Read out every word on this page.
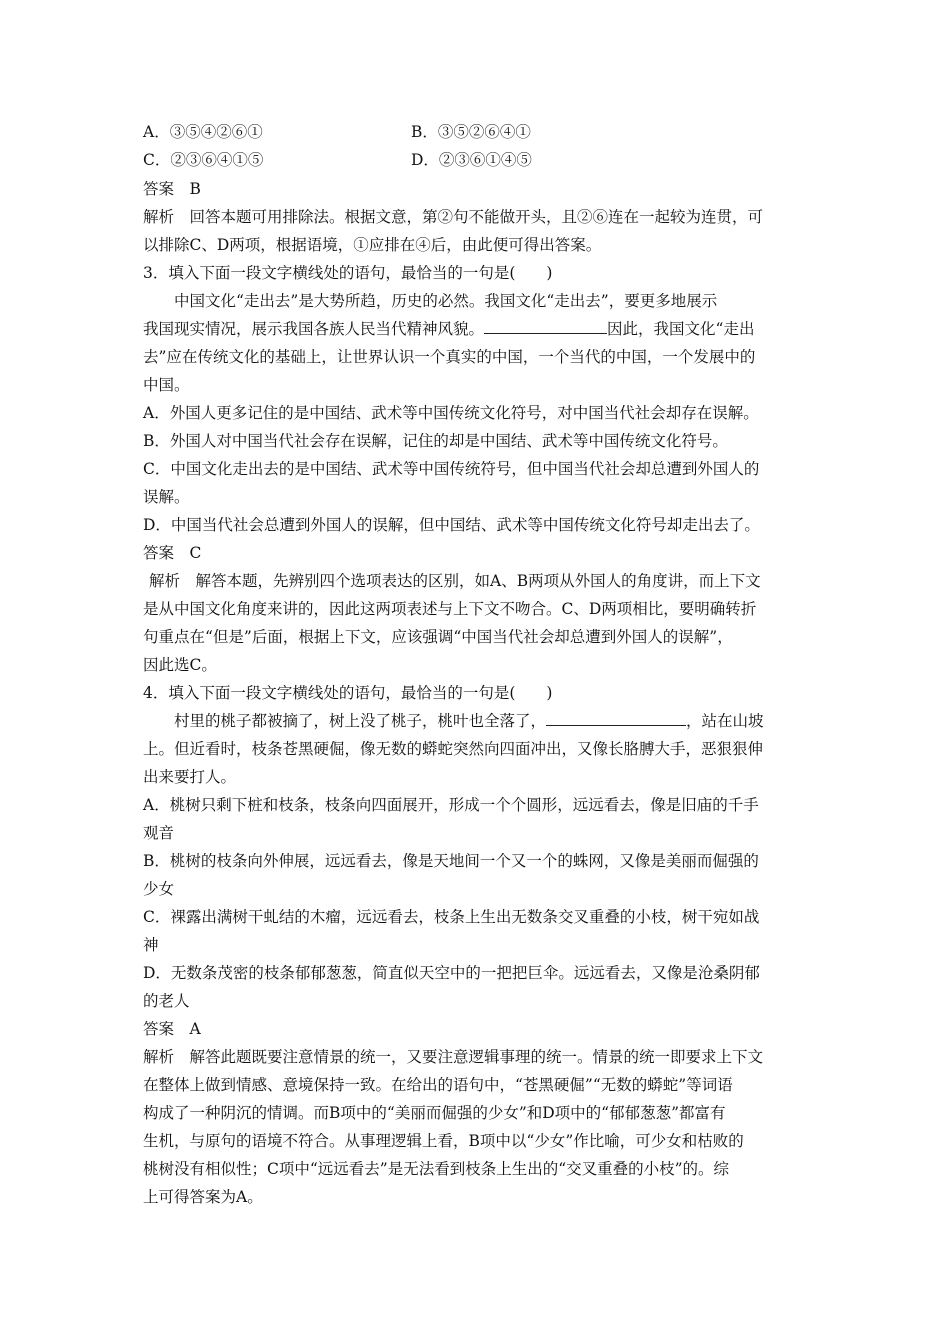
A．③⑤④②⑥①	B．③⑤②⑥④①
C．②③⑥④①⑤	D．②③⑥①④⑤
答案　B
解析　回答本题可用排除法。根据文意，第②句不能做开头，且②⑥连在一起较为连贯，可
以排除C、D两项，根据语境，①应排在④后，由此便可得出答案。
3．填入下面一段文字横线处的语句，最恰当的一句是(　　)
中国文化“走出去”是大势所趋，历史的必然。我国文化“走出去”，要更多地展示
我国现实情况，展示我国各族人民当代精神风貌。	因此，我国文化“走出
去”应在传统文化的基础上，让世界认识一个真实的中国，一个当代的中国，一个发展中的
中国。
A．外国人更多记住的是中国结、武术等中国传统文化符号，对中国当代社会却存在误解。
B．外国人对中国当代社会存在误解，记住的却是中国结、武术等中国传统文化符号。
C．中国文化走出去的是中国结、武术等中国传统符号，但中国当代社会却总遭到外国人的
误解。
D．中国当代社会总遭到外国人的误解，但中国结、武术等中国传统文化符号却走出去了。
答案　C
解析　解答本题，先辨别四个选项表达的区别，如A、B两项从外国人的角度讲，而上下文
是从中国文化角度来讲的，因此这两项表述与上下文不吻合。C、D两项相比，要明确转折
句重点在“但是”后面，根据上下文，应该强调“中国当代社会却总遭到外国人的误解”，
因此选C。
4．填入下面一段文字横线处的语句，最恰当的一句是(　　)
村里的桃子都被摘了，树上没了桃子，桃叶也全落了，	，站在山坡
上。但近看时，枝条苍黑硬倔，像无数的蟒蛇突然向四面冲出，又像长胳膊大手，恶狠狠伸
出来要打人。
A．桃树只剩下桩和枝条，枝条向四面展开，形成一个个圆形，远远看去，像是旧庙的千手
观音
B．桃树的枝条向外伸展，远远看去，像是天地间一个又一个的蛛网，又像是美丽而倔强的
少女
C．裸露出满树干虬结的木瘤，远远看去，枝条上生出无数条交叉重叠的小枝，树干宛如战
神
D．无数条茂密的枝条郁郁葱葱，简直似天空中的一把把巨伞。远远看去，又像是沧桑阴郁
的老人
答案　A
解析　解答此题既要注意情景的统一，又要注意逻辑事理的统一。情景的统一即要求上下文
在整体上做到情感、意境保持一致。在给出的语句中，“苍黑硬倔”“无数的蟒蛇”等词语
构成了一种阴沉的情调。而B项中的“美丽而倔强的少女”和D项中的“郁郁葱葱”都富有
生机，与原句的语境不符合。从事理逻辑上看，B项中以“少女”作比喻，可少女和枯败的
桃树没有相似性；C项中“远远看去”是无法看到枝条上生出的“交叉重叠的小枝”的。综
上可得答案为A。
